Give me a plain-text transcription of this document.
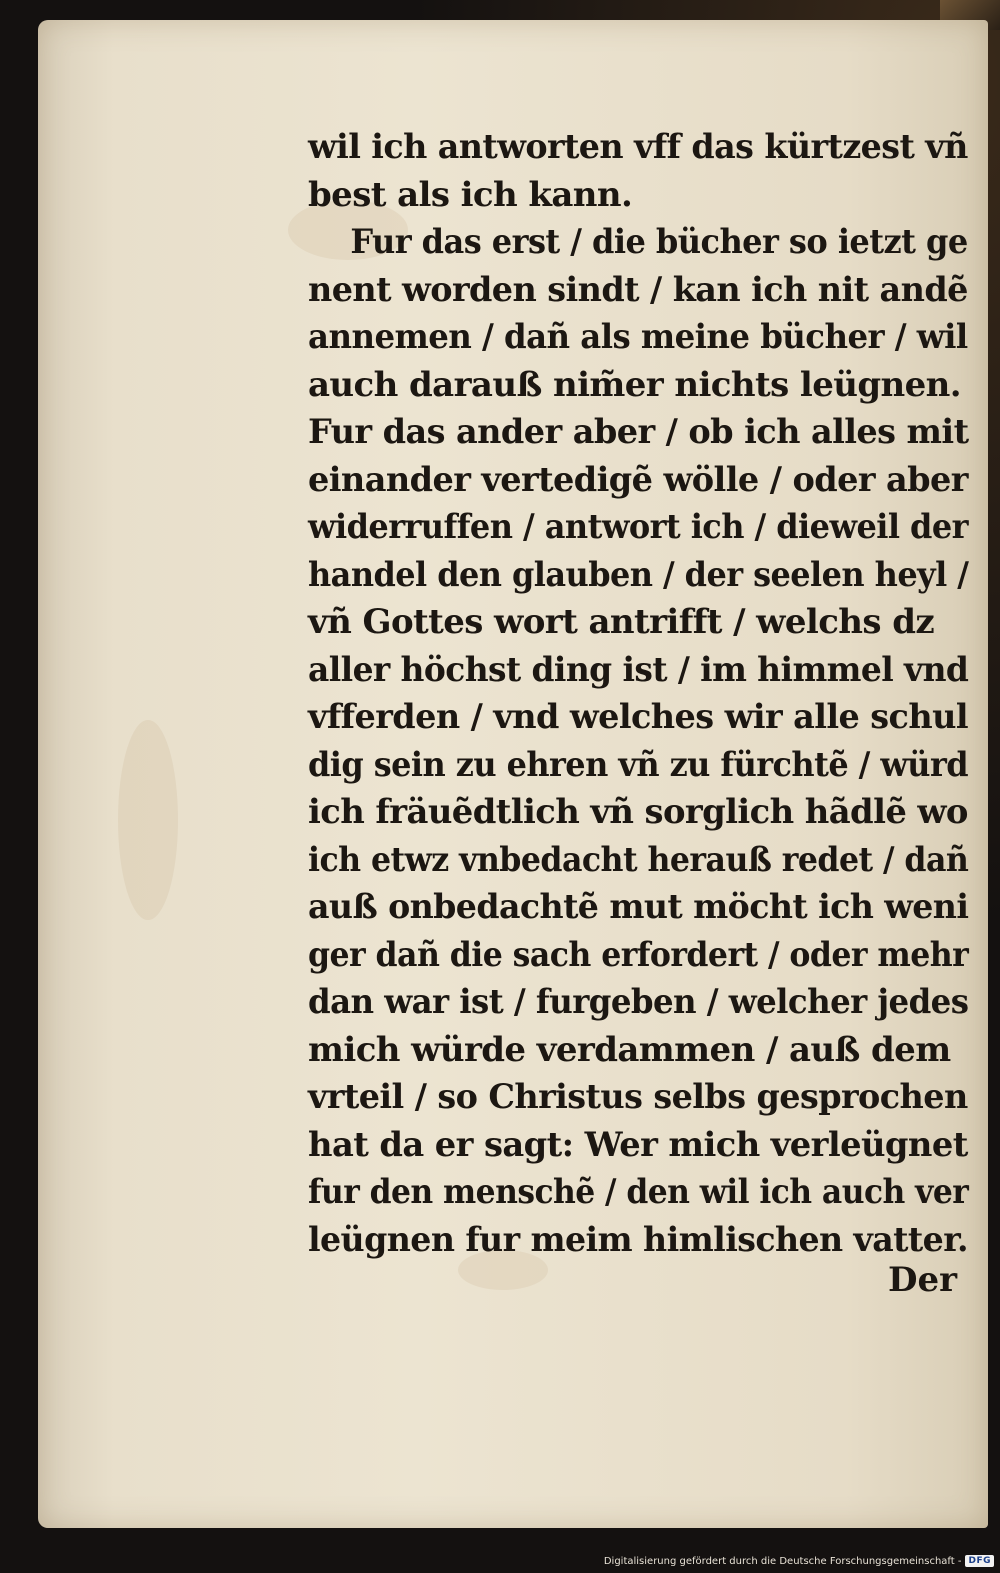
wil ich antworten vff das kürtzest vñ
best als ich kann.
Fur das erst / die bücher so ietzt ge
nent worden sindt / kan ich nit andẽ
annemen / dañ als meine bücher / wil
auch darauß nim̃er nichts leügnen.
Fur das ander aber / ob ich alles mit
einander vertedigẽ wölle / oder aber
widerruffen / antwort ich / dieweil der
handel den glauben / der seelen heyl /
vñ Gottes wort antrifft / welchs dz
aller höchst ding ist / im himmel vnd
vfferden / vnd welches wir alle schul
dig sein zu ehren vñ zu fürchtẽ / würd
ich fräuẽdtlich vñ sorglich hãdlẽ wo
ich etwz vnbedacht herauß redet / dañ
auß onbedachtẽ mut möcht ich weni
ger dañ die sach erfordert / oder mehr
dan war ist / furgeben / welcher jedes
mich würde verdammen / auß dem
vrteil / so Christus selbs gesprochen
hat da er sagt: Wer mich verleügnet
fur den menschẽ / den wil ich auch ver
leügnen fur meim himlischen vatter.
Der
Digitalisierung gefördert durch die Deutsche Forschungsgemeinschaft - DFG
